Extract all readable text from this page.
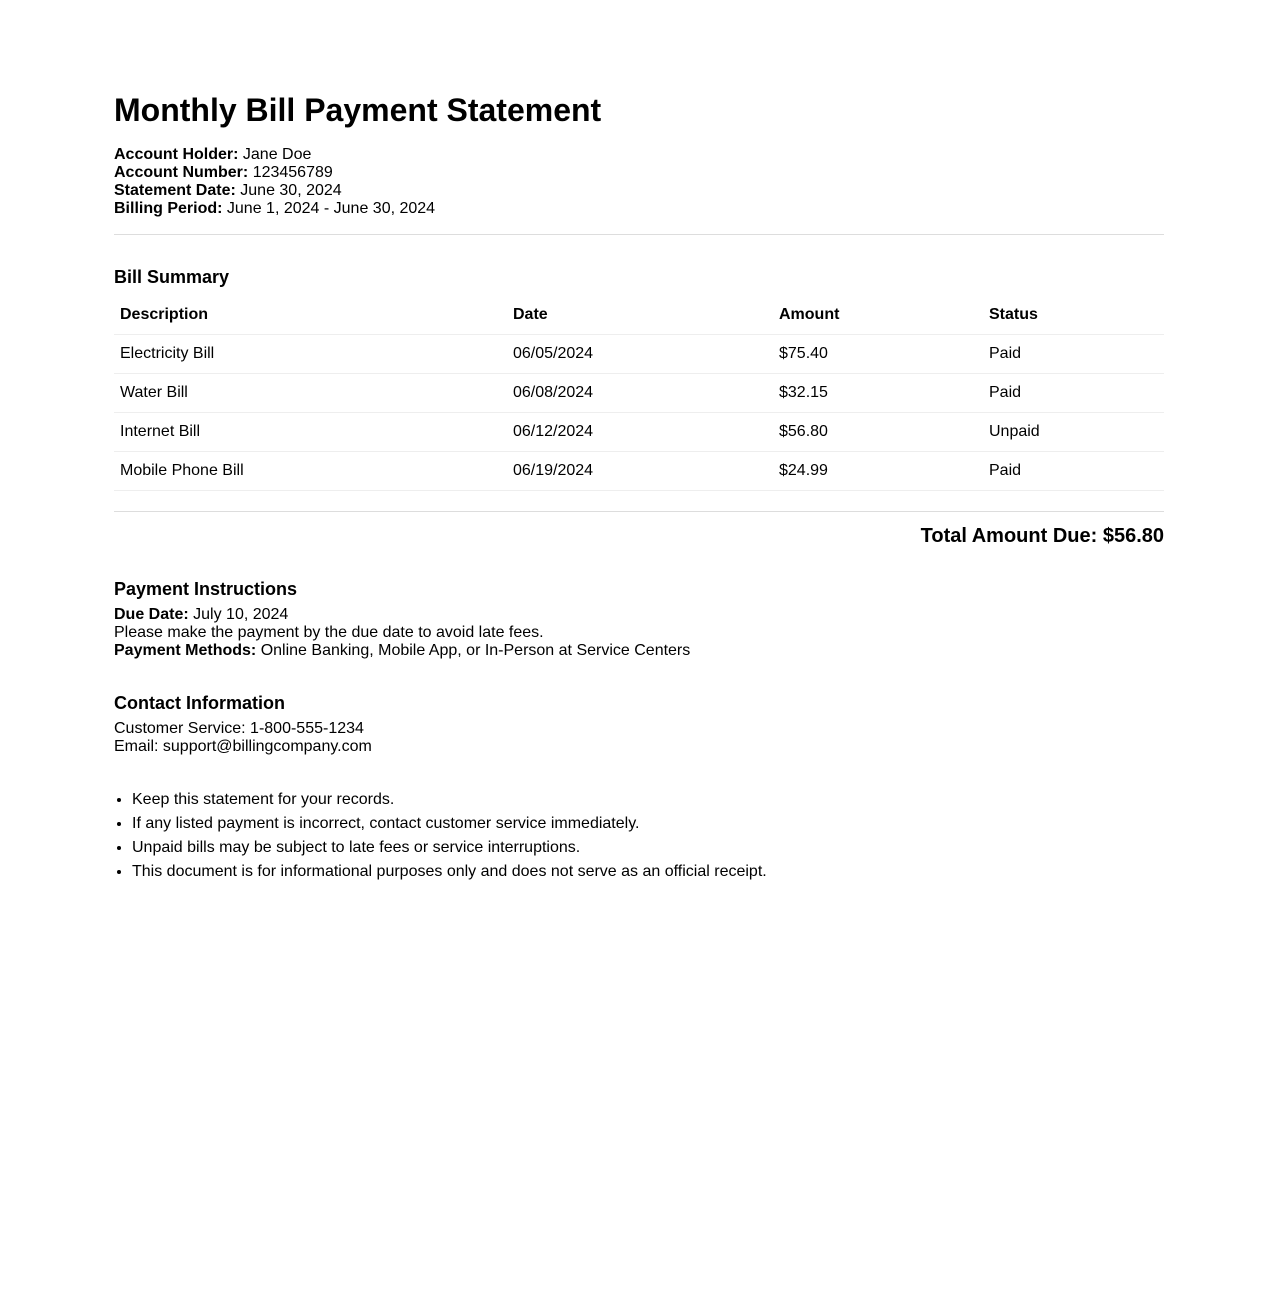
Monthly Bill Payment Statement
Account Holder: Jane Doe
Account Number: 123456789
Statement Date: June 30, 2024
Billing Period: June 1, 2024 - June 30, 2024
Bill Summary
Description	Date	Amount	Status
Electricity Bill	06/05/2024	$75.40	Paid
Water Bill	06/08/2024	$32.15	Paid
Internet Bill	06/12/2024	$56.80	Unpaid
Mobile Phone Bill	06/19/2024	$24.99	Paid
Total Amount Due: $56.80
Payment Instructions
Due Date: July 10, 2024
Please make the payment by the due date to avoid late fees.
Payment Methods: Online Banking, Mobile App, or In-Person at Service Centers
Contact Information
Customer Service: 1-800-555-1234
Email: support@billingcompany.com
• Keep this statement for your records.
• If any listed payment is incorrect, contact customer service immediately.
• Unpaid bills may be subject to late fees or service interruptions.
• This document is for informational purposes only and does not serve as an official receipt.
